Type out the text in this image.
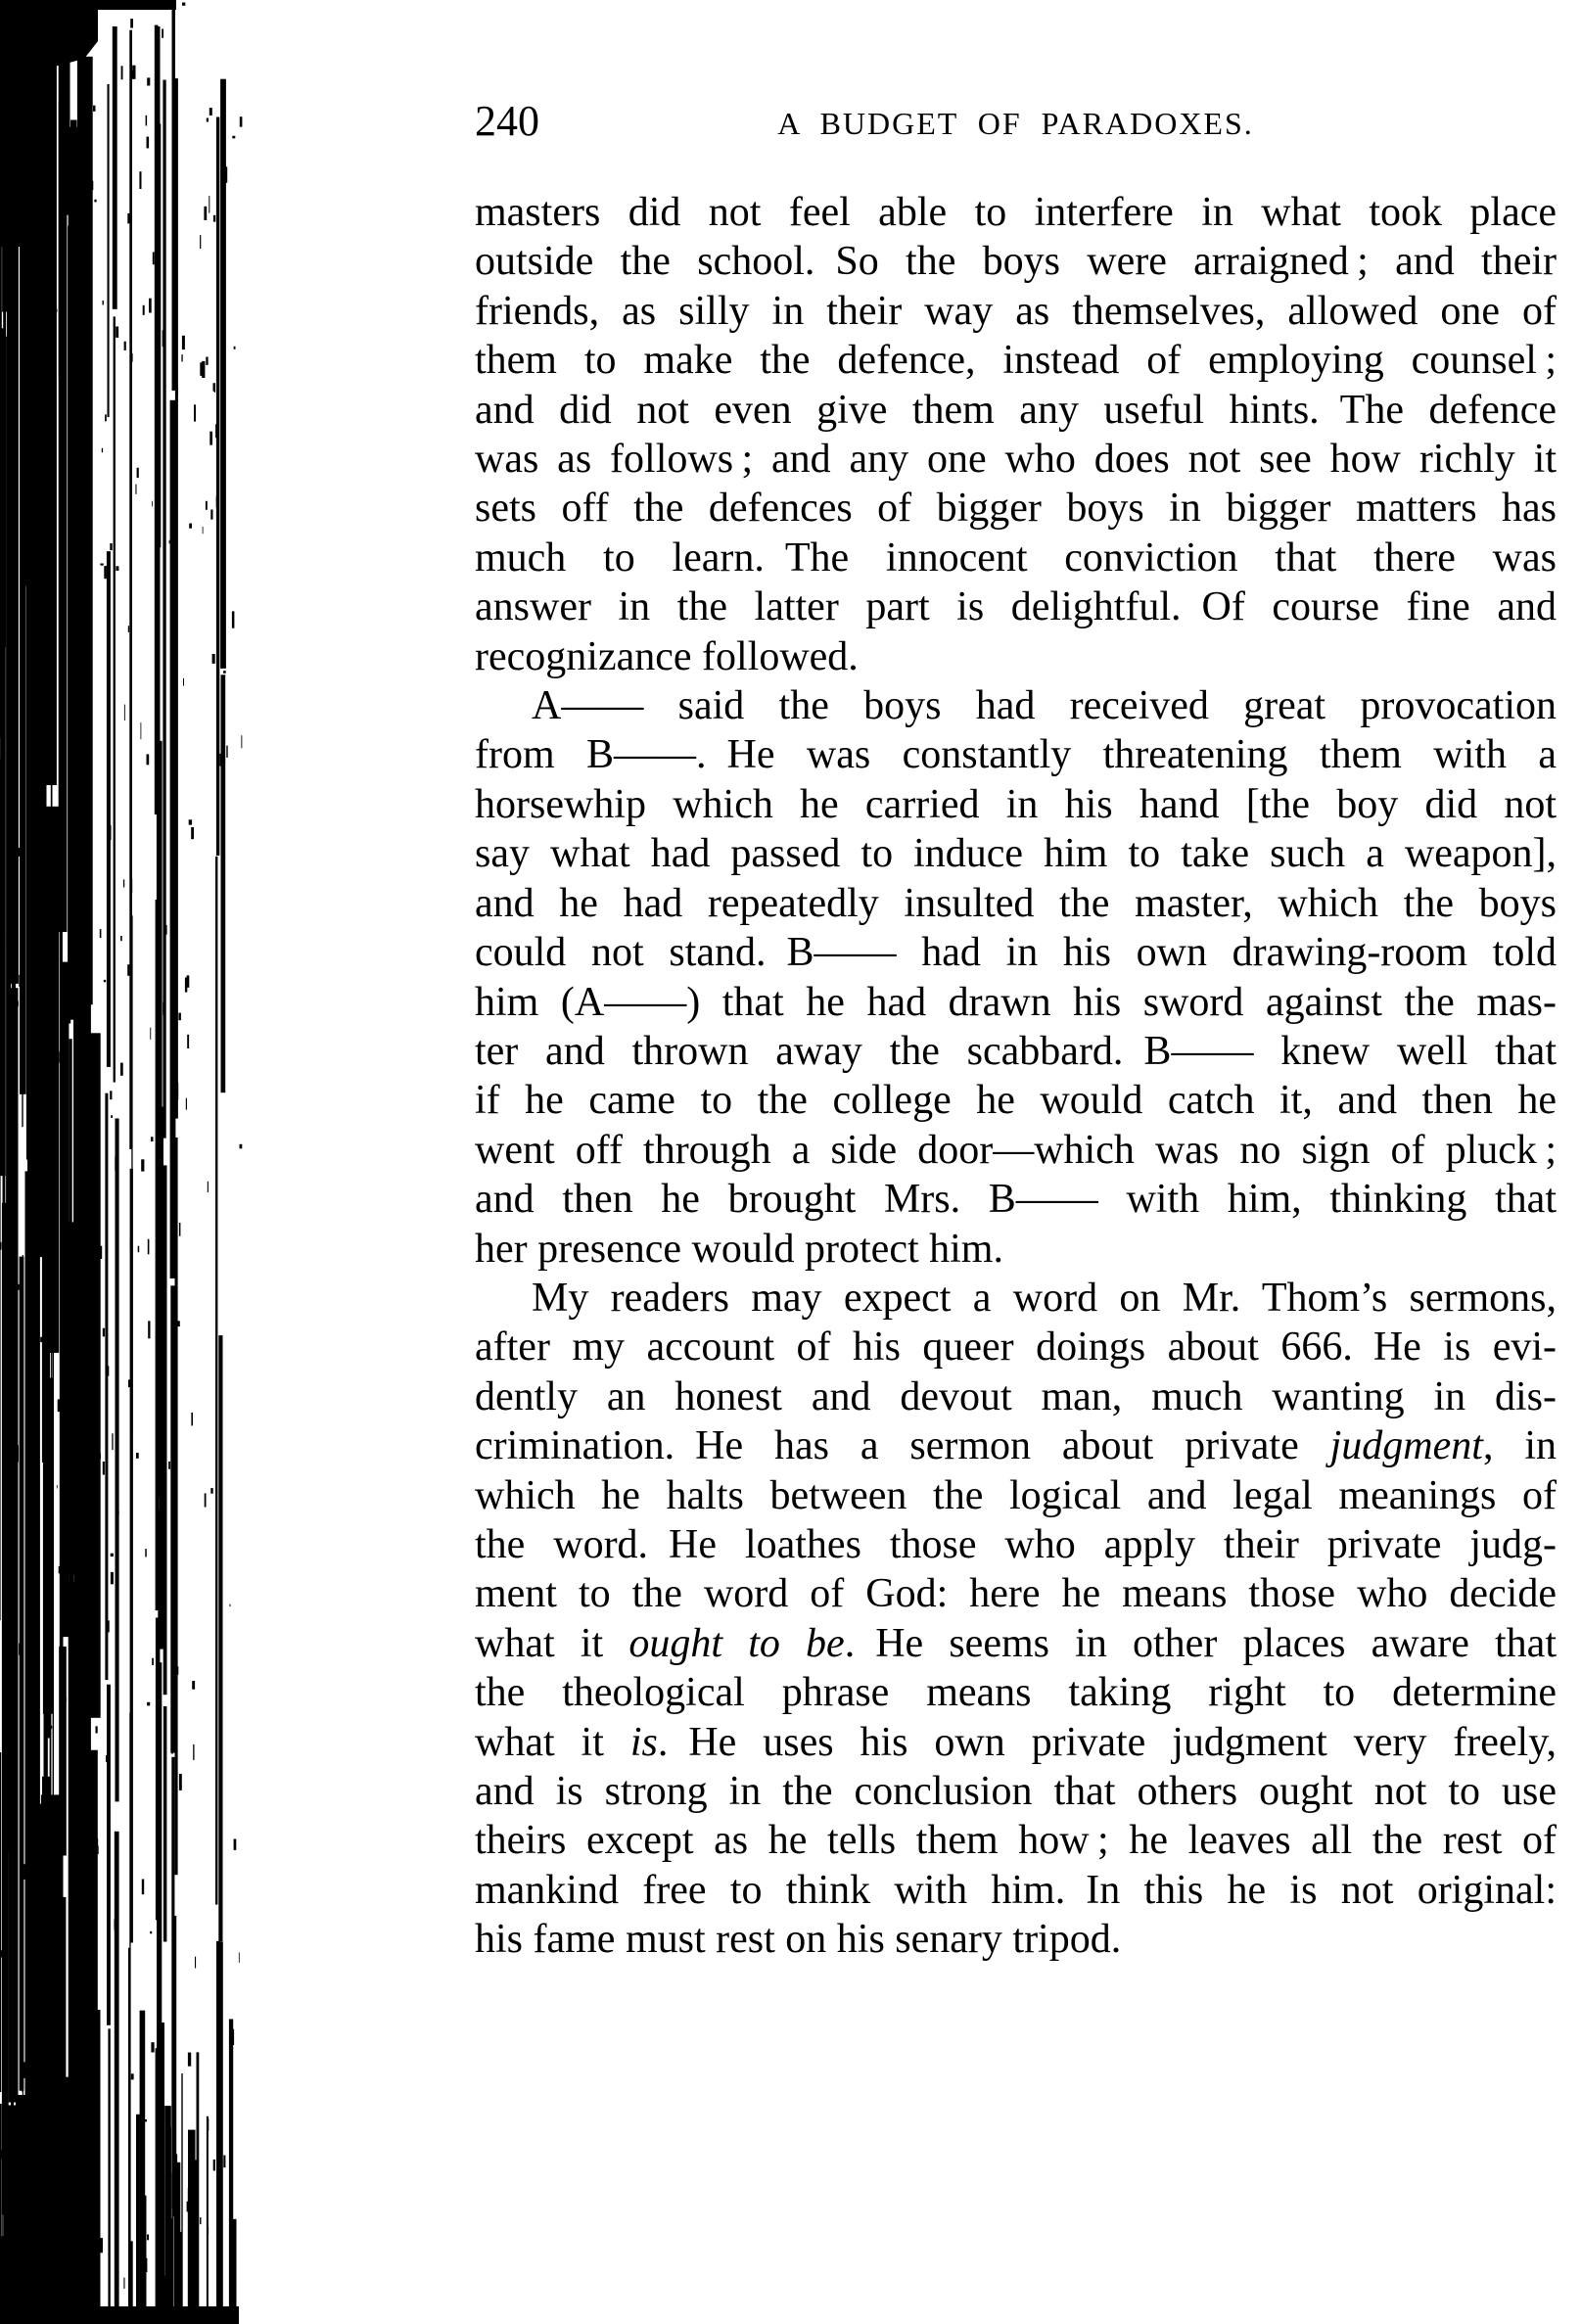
240	A BUDGET OF PARADOXES.
masters did not feel able to interfere in what took place
outside the school. So the boys were arraigned ; and their
friends, as silly in their way as themselves, allowed one of
them to make the defence, instead of employing counsel ;
and did not even give them any useful hints. The defence
was as follows ; and any one who does not see how richly it
sets off the defences of bigger boys in bigger matters has
much to learn. The innocent conviction that there was
answer in the latter part is delightful. Of course fine and
recognizance followed.
A—— said the boys had received great provocation
from B——. He was constantly threatening them with a
horsewhip which he carried in his hand [the boy did not
say what had passed to induce him to take such a weapon],
and he had repeatedly insulted the master, which the boys
could not stand. B—— had in his own drawing-room told
him (A——) that he had drawn his sword against the mas-
ter and thrown away the scabbard. B—— knew well that
if he came to the college he would catch it, and then he
went off through a side door—which was no sign of pluck ;
and then he brought Mrs. B—— with him, thinking that
her presence would protect him.
My readers may expect a word on Mr. Thom’s sermons,
after my account of his queer doings about 666. He is evi-
dently an honest and devout man, much wanting in dis-
crimination. He has a sermon about private judgment, in
which he halts between the logical and legal meanings of
the word. He loathes those who apply their private judg-
ment to the word of God: here he means those who decide
what it ought to be. He seems in other places aware that
the theological phrase means taking right to determine
what it is. He uses his own private judgment very freely,
and is strong in the conclusion that others ought not to use
theirs except as he tells them how ; he leaves all the rest of
mankind free to think with him. In this he is not original:
his fame must rest on his senary tripod.
